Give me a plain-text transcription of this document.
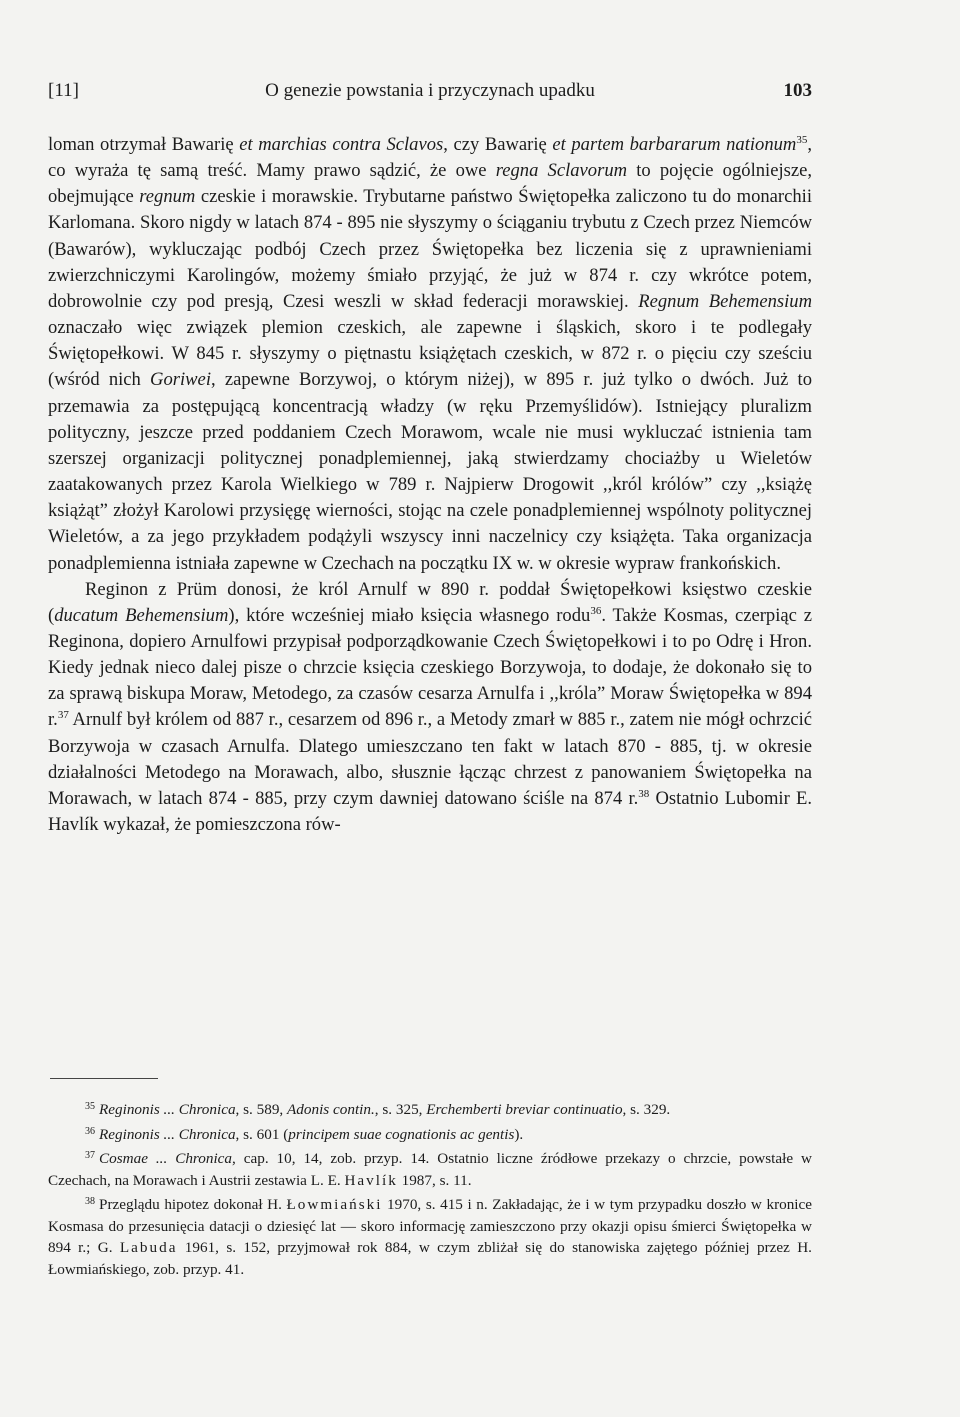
[11]	O genezie powstania i przyczynach upadku	103

loman otrzymał Bawarię et marchias contra Sclavos, czy Bawarię et partem barbararum nationum$^{35}$, co wyraża tę samą treść. Mamy prawo sądzić, że owe regna Sclavorum to pojęcie ogólniejsze, obejmujące regnum czeskie i morawskie. Trybutarne państwo Świętopełka zaliczono tu do monarchii Karlomana. Skoro nigdy w latach 874 - 895 nie słyszymy o ściąganiu trybutu z Czech przez Niemców (Bawarów), wykluczając podbój Czech przez Świętopełka bez liczenia się z uprawnieniami zwierzchniczymi Karolingów, możemy śmiało przyjąć, że już w 874 r. czy wkrótce potem, dobrowolnie czy pod presją, Czesi weszli w skład federacji morawskiej. Regnum Behemensium oznaczało więc związek plemion czeskich, ale zapewne i śląskich, skoro i te podlegały Świętopełkowi. W 845 r. słyszymy o piętnastu książętach czeskich, w 872 r. o pięciu czy sześciu (wśród nich Goriwei, zapewne Borzywoj, o którym niżej), w 895 r. już tylko o dwóch. Już to przemawia za postępującą koncentracją władzy (w ręku Przemyślidów). Istniejący pluralizm polityczny, jeszcze przed poddaniem Czech Morawom, wcale nie musi wykluczać istnienia tam szerszej organizacji politycznej ponadplemiennej, jaką stwierdzamy chociażby u Wieletów zaatakowanych przez Karola Wielkiego w 789 r. Najpierw Drogowit ,,król królów” czy ,,książę książąt” złożył Karolowi przysięgę wierności, stojąc na czele ponadplemiennej wspólnoty politycznej Wieletów, a za jego przykładem podążyli wszyscy inni naczelnicy czy książęta. Taka organizacja ponadplemienna istniała zapewne w Czechach na początku IX w. w okresie wypraw frankońskich.

Reginon z Prüm donosi, że król Arnulf w 890 r. poddał Świętopełkowi księstwo czeskie (ducatum Behemensium), które wcześniej miało księcia własnego rodu$^{36}$. Także Kosmas, czerpiąc z Reginona, dopiero Arnulfowi przypisał podporządkowanie Czech Świętopełkowi i to po Odrę i Hron. Kiedy jednak nieco dalej pisze o chrzcie księcia czeskiego Borzywoja, to dodaje, że dokonało się to za sprawą biskupa Moraw, Metodego, za czasów cesarza Arnulfa i ,,króla” Moraw Świętopełka w 894 r.$^{37}$ Arnulf był królem od 887 r., cesarzem od 896 r., a Metody zmarł w 885 r., zatem nie mógł ochrzcić Borzywoja w czasach Arnulfa. Dlatego umieszczano ten fakt w latach 870 - 885, tj. w okresie działalności Metodego na Morawach, albo, słusznie łącząc chrzest z panowaniem Świętopełka na Morawach, w latach 874 - 885, przy czym dawniej datowano ściśle na 874 r.$^{38}$ Ostatnio Lubomir E. Havlík wykazał, że pomieszczona rów-

$^{35}$ Reginonis ... Chronica, s. 589, Adonis contin., s. 325, Erchemberti breviar continuatio, s. 329.

$^{36}$ Reginonis ... Chronica, s. 601 (principem suae cognationis ac gentis).

$^{37}$ Cosmae ... Chronica, cap. 10, 14, zob. przyp. 14. Ostatnio liczne źródłowe przekazy o chrzcie, powstałe w Czechach, na Morawach i Austrii zestawia L. E. Havlík 1987, s. 11.

$^{38}$ Przeglądu hipotez dokonał H. Łowmiański 1970, s. 415 i n. Zakładając, że i w tym przypadku doszło w kronice Kosmasa do przesunięcia datacji o dziesięć lat — skoro informację zamieszczono przy okazji opisu śmierci Świętopełka w 894 r.; G. Labuda 1961, s. 152, przyjmował rok 884, w czym zbliżał się do stanowiska zajętego później przez H. Łowmiańskiego, zob. przyp. 41.
